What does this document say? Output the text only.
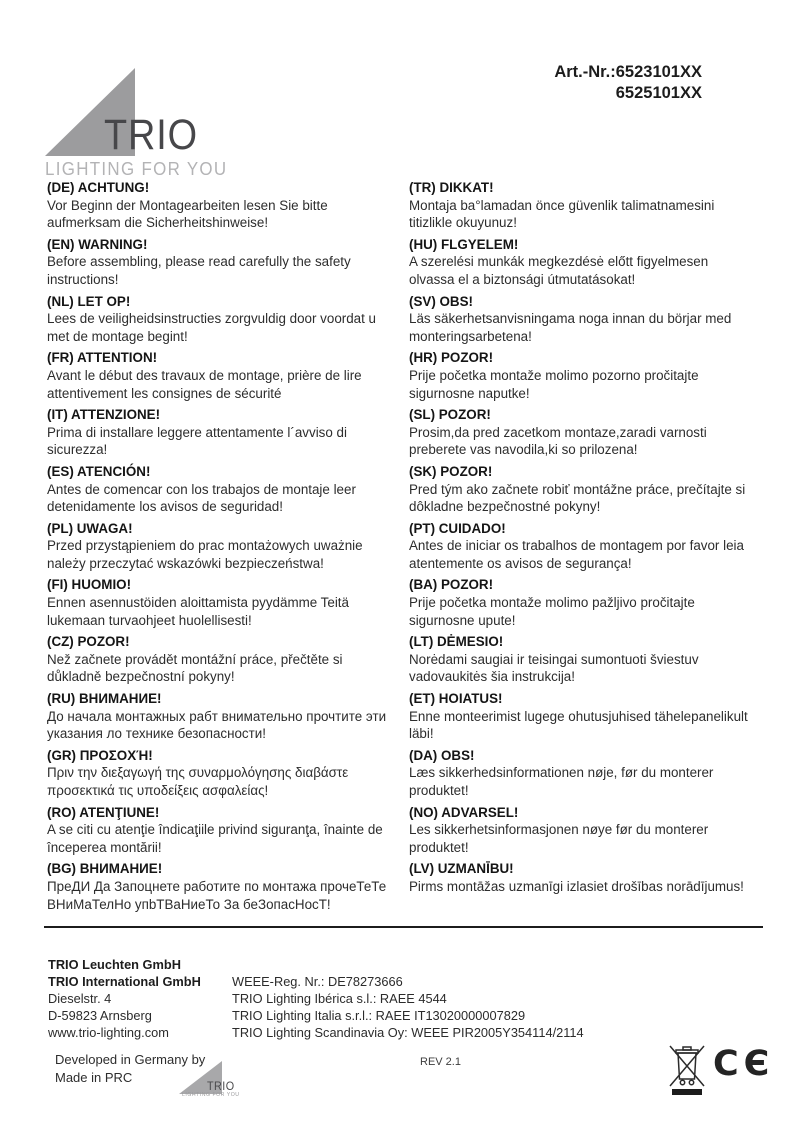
TRIO
LIGHTING FOR YOU
Art.-Nr.:6523101XX
6525101XX
(DE) ACHTUNG!

Vor Beginn der Montagearbeiten lesen Sie bitte aufmerksam die Sicherheitshinweise!

(EN) WARNING!

Before assembling, please read carefully the safety instructions!

(NL) LET OP!

Lees de veiligheidsinstructies zorgvuldig door voordat u met de montage begint!

(FR) ATTENTION!

Avant le début des travaux de montage, prière de lire attentivement les consignes de sécurité

(IT) ATTENZIONE!

Prima di installare leggere attentamente l´avviso di sicurezza!

(ES) ATENCIÓN!

Antes de comencar con los trabajos de montaje leer detenidamente los avisos de seguridad!

(PL) UWAGA!

Przed przystąpieniem do prac montażowych uważnie należy przeczytać wskazówki bezpieczeństwa!

(FI) HUOMIO!

Ennen asennustöiden aloittamista pyydämme Teitä lukemaan turvaohjeet huolellisesti!

(CZ) POZOR!

Než začnete provádět montážní práce, přečtěte si důkladně bezpečnostní pokyny!

(RU) ВНИМАНИЕ!

До начала монтажных рабт внимательно прочтите эти указания ло технике безопасности!

(GR) ΠΡΟΣΟΧΉ!

Πριν την διεξαγωγή της συναρμολόγησης διαβάστε προσεκτικά τις υποδείξεις ασφαλείας!

(RO) ATENŢIUNE!

A se citi cu atenţie îndicaţiile privind siguranţa, înainte de începerea montării!

(BG) ВНИМАНИЕ!

ПреДИ Да Запоцнете работите по монтажа прочеТеТе ВНиМаТелНо упbТВаНиеТо За беЗопасНосТ!

(TR) DIKKAT!

Montaja ba°lamadan önce güvenlik talimatnamesini titizlikle okuyunuz!

(HU) FLGYELEM!

A szerelési munkák megkezdésė előtt figyelmesen olvassa el a biztonsági útmutatásokat!

(SV) OBS!

Läs säkerhetsanvisningama noga innan du börjar med monteringsarbetena!

(HR) POZOR!

Prije početka montaže molimo pozorno pročitajte sigurnosne naputke!

(SL) POZOR!

Prosim,da pred zacetkom montaze,zaradi varnosti preberete vas navodila,ki so prilozena!

(SK) POZOR!

Pred tým ako začnete robiť montážne práce, prečítajte si dôkladne bezpečnostné pokyny!

(PT) CUIDADO!

Antes de iniciar os trabalhos de montagem por favor leia atentemente os avisos de segurança!

(BA) POZOR!

Prije početka montaže molimo pažljivo pročitajte sigurnosne upute!

(LT) DĖMESIO!

Norėdami saugiai ir teisingai sumontuoti šviestuv vadovaukitės šia instrukcija!

(ET) HOIATUS!

Enne monteerimist lugege ohutusjuhised tähelepanelikult läbi!

(DA) OBS!

Læs sikkerhedsinformationen nøje, før du monterer produktet!

(NO) ADVARSEL!

Les sikkerhetsinformasjonen nøye før du monterer produktet!

(LV) UZMANĪBU!

Pirms montāžas uzmanīgi izlasiet drošības norādījumus!

TRIO Leuchten GmbH
TRIO International GmbH
Dieselstr. 4
D-59823 Arnsberg
www.trio-lighting.com
WEEE-Reg. Nr.: DE78273666
TRIO Lighting Ibérica s.l.: RAEE 4544
TRIO Lighting Italia s.r.l.: RAEE IT13020000007829
TRIO Lighting Scandinavia Oy: WEEE PIR2005Y354114/2114
Developed in Germany by
Made in PRC
TRIO
LIGHTING FOR YOU
REV 2.1	CЄ
